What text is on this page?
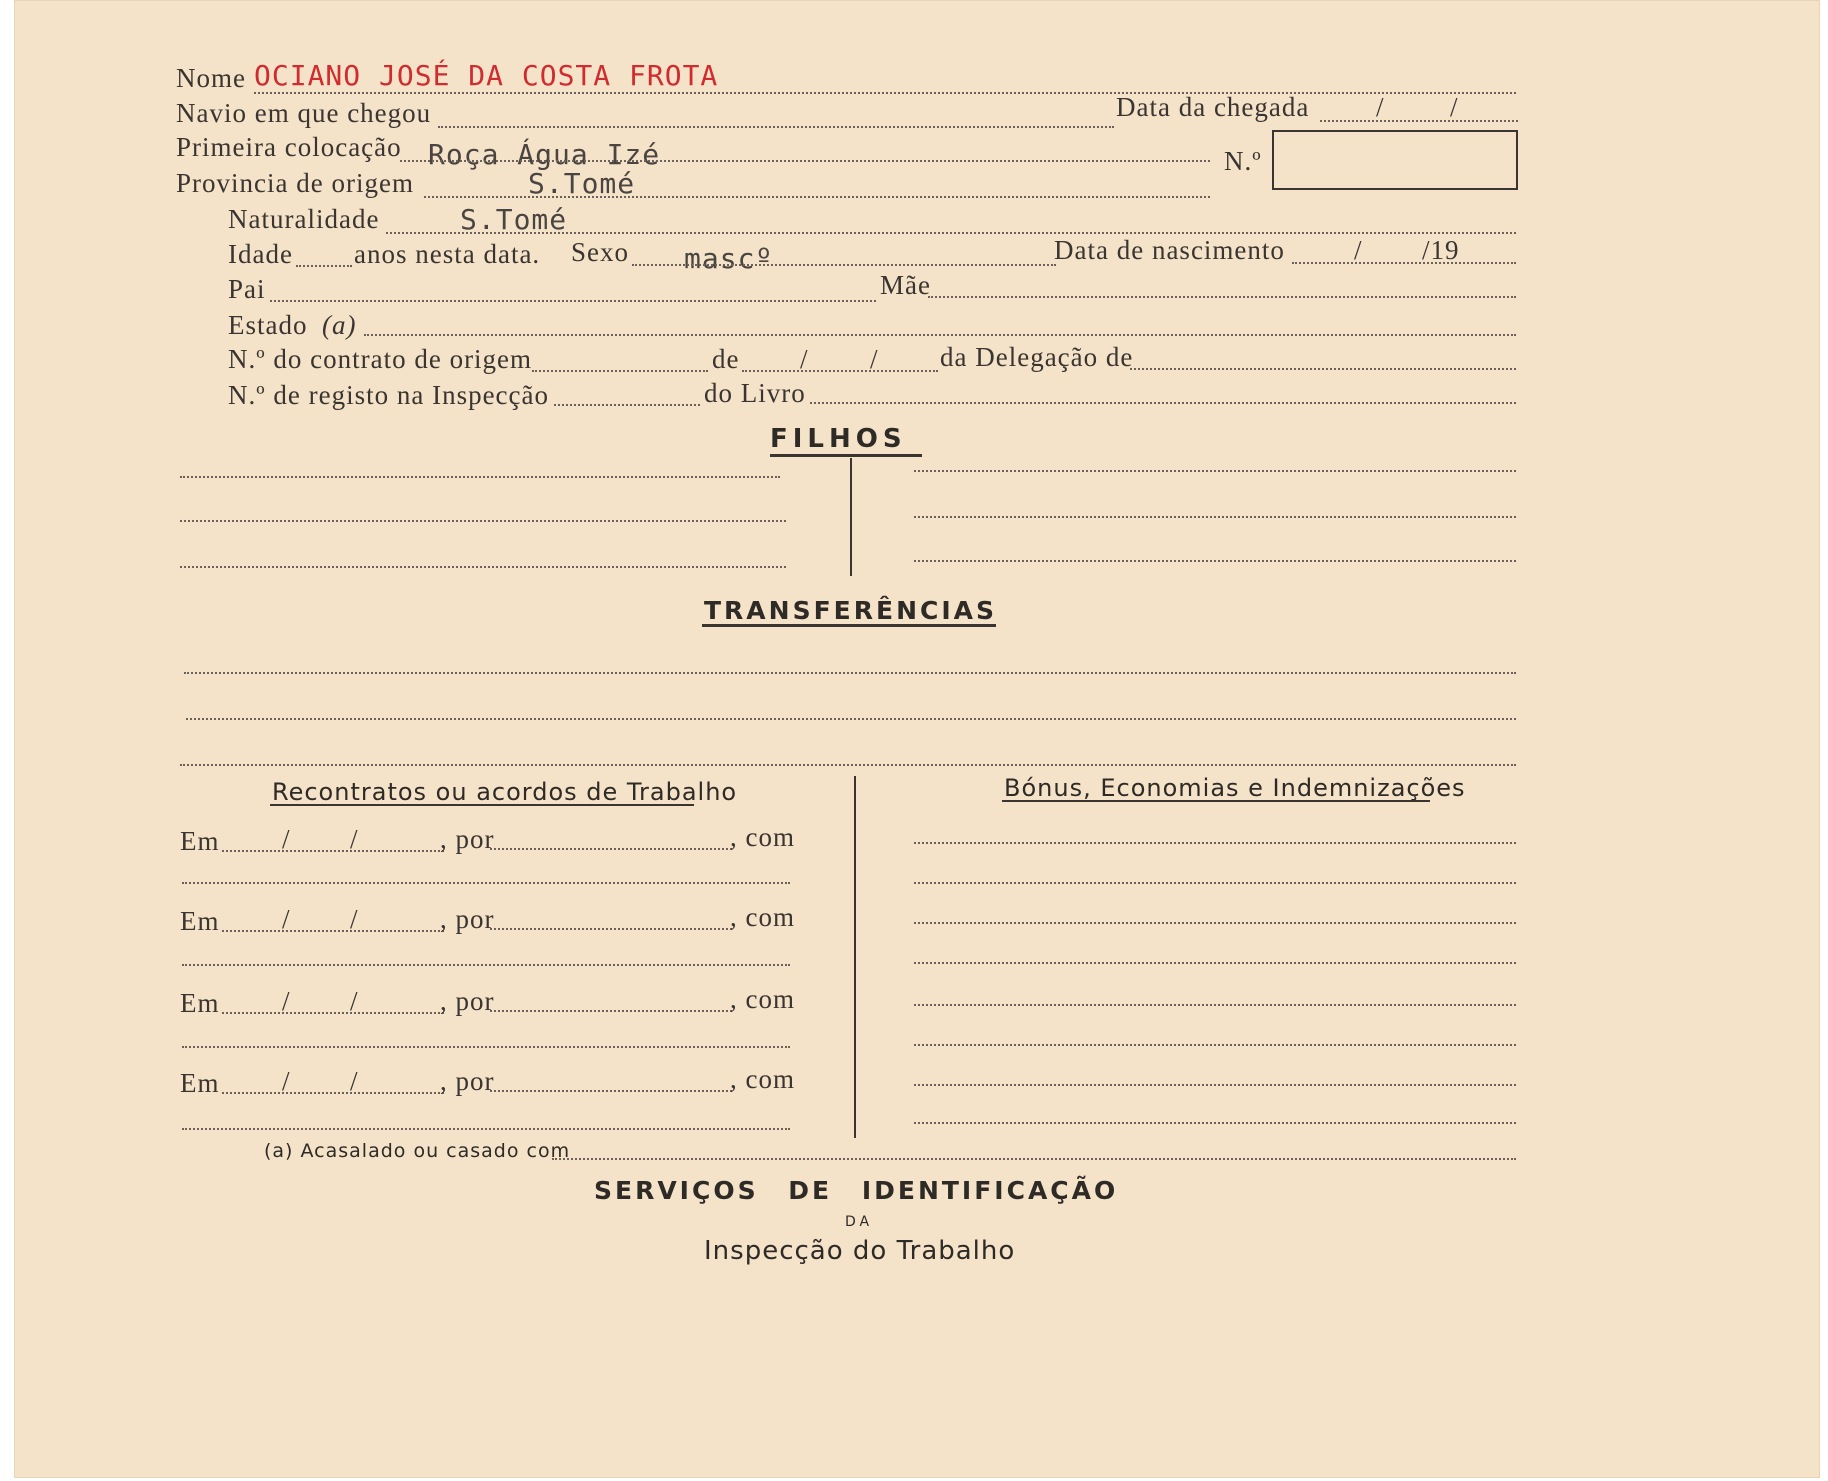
Nome OCIANO JOSÉ DA COSTA FROTA
Navio em que chegou	Data da chegada / /
Primeira colocação Roça Água Izé	N.º
Provincia de origem	S.Tomé
Naturalidade	S.Tomé
Idade anos nesta data. Sexo mascº	Data de nascimento	/ /19
Pai	Mãe
Estado (a)
N.º do contrato de origem	de / / da Delegação de
N.º de registo na Inspecção	do Livro
FILHOS
TRANSFERÊNCIAS
Recontratos ou acordos de Trabalho	Bónus, Economias e Indemnizações
Em / /	, por	, com
Em / /	, por	, com
Em / /	, por	, com
Em / /	, por	, com
(a) Acasalado ou casado com
SERVIÇOS DE IDENTIFICAÇÃO
DA
Inspecção do Trabalho
